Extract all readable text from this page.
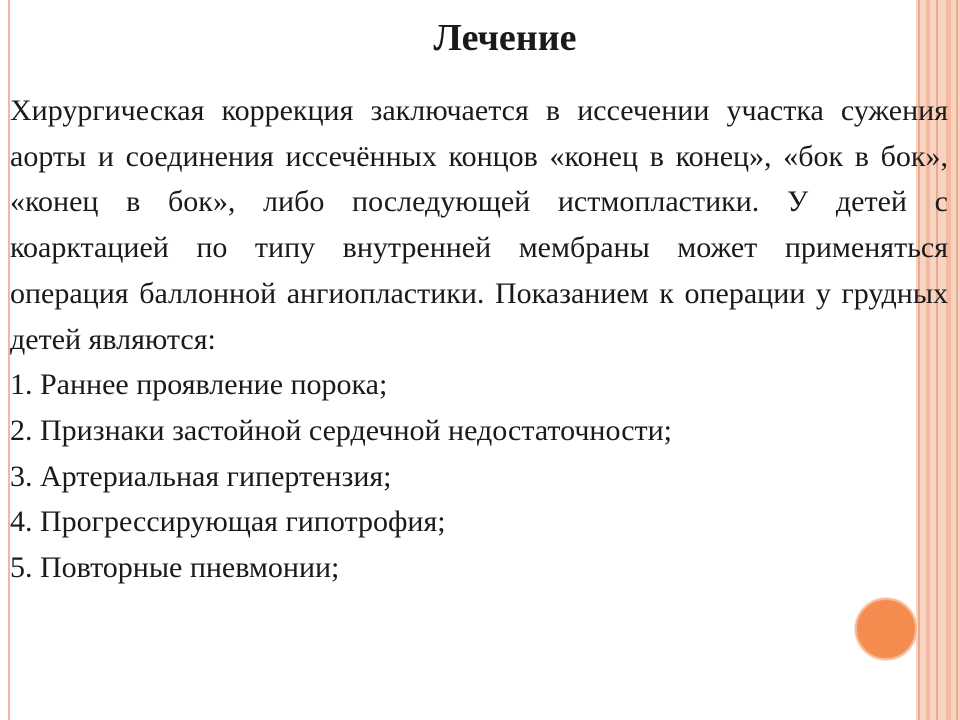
Лечение

Хирургическая коррекция заключается в иссечении участка сужения аорты и соединения иссечённых концов «конец в конец», «бок в бок», «конец в бок», либо последующей истмопластики. У детей с коарктацией по типу внутренней мембраны может применяться операция баллонной ангиопластики. Показанием к операции у грудных детей являются:

1. Раннее проявление порока;
2. Признаки застойной сердечной недостаточности;
3. Артериальная гипертензия;
4. Прогрессирующая гипотрофия;
5. Повторные пневмонии;
